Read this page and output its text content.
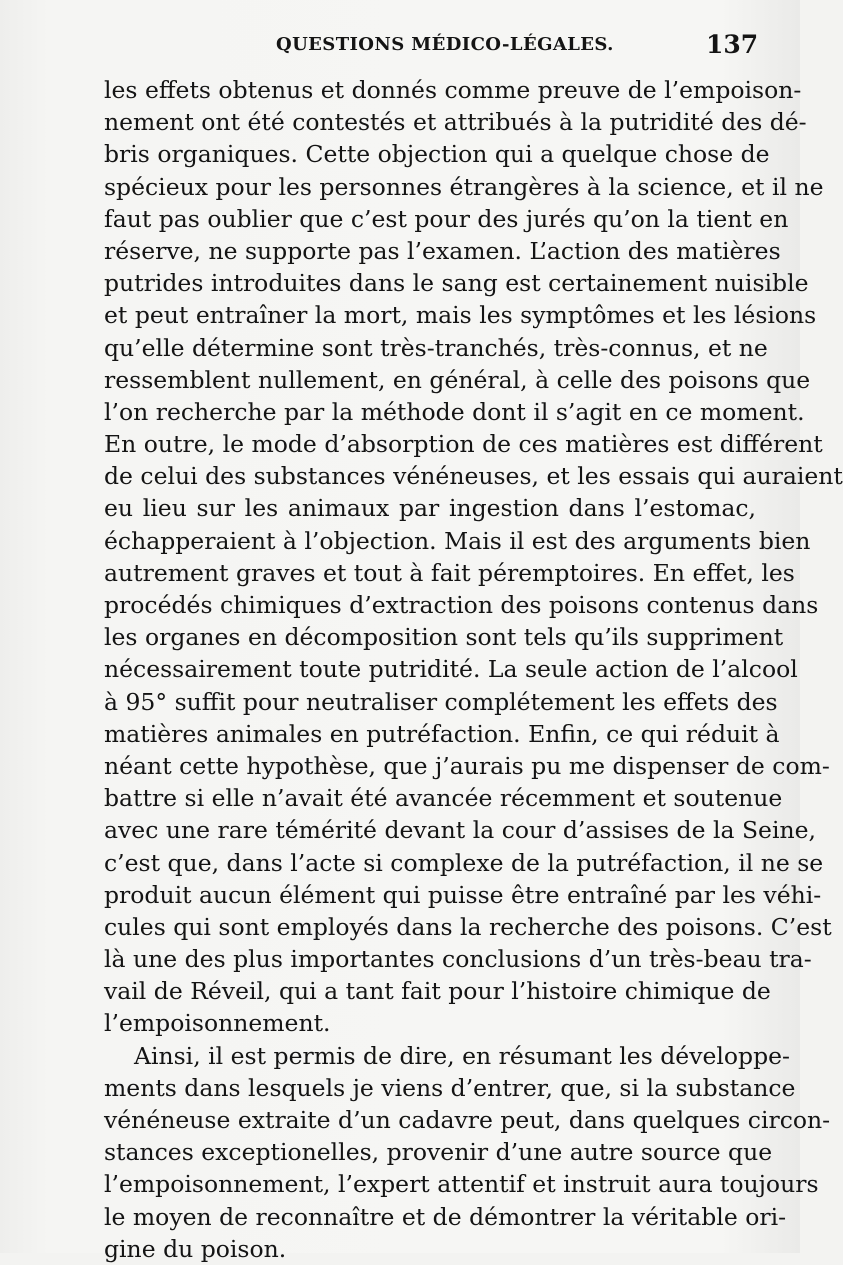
QUESTIONS MÉDICO-LÉGALES.	137
les effets obtenus et donnés comme preuve de l’empoison-
nement ont été contestés et attribués à la putridité des dé-
bris organiques. Cette objection qui a quelque chose de
spécieux pour les personnes étrangères à la science, et il ne
faut pas oublier que c’est pour des jurés qu’on la tient en
réserve, ne supporte pas l’examen. L’action des matières
putrides introduites dans le sang est certainement nuisible
et peut entraîner la mort, mais les symptômes et les lésions
qu’elle détermine sont très-tranchés, très-connus, et ne
ressemblent nullement, en général, à celle des poisons que
l’on recherche par la méthode dont il s’agit en ce moment.
En outre, le mode d’absorption de ces matières est différent
de celui des substances vénéneuses, et les essais qui auraient
eu lieu sur les animaux par ingestion dans l’estomac,
échapperaient à l’objection. Mais il est des arguments bien
autrement graves et tout à fait péremptoires. En effet, les
procédés chimiques d’extraction des poisons contenus dans
les organes en décomposition sont tels qu’ils suppriment
nécessairement toute putridité. La seule action de l’alcool
à 95° suffit pour neutraliser complétement les effets des
matières animales en putréfaction. Enfin, ce qui réduit à
néant cette hypothèse, que j’aurais pu me dispenser de com-
battre si elle n’avait été avancée récemment et soutenue
avec une rare témérité devant la cour d’assises de la Seine,
c’est que, dans l’acte si complexe de la putréfaction, il ne se
produit aucun élément qui puisse être entraîné par les véhi-
cules qui sont employés dans la recherche des poisons. C’est
là une des plus importantes conclusions d’un très-beau tra-
vail de Réveil, qui a tant fait pour l’histoire chimique de
l’empoisonnement.
Ainsi, il est permis de dire, en résumant les développe-
ments dans lesquels je viens d’entrer, que, si la substance
vénéneuse extraite d’un cadavre peut, dans quelques circon-
stances exceptionelles, provenir d’une autre source que
l’empoisonnement, l’expert attentif et instruit aura toujours
le moyen de reconnaître et de démontrer la véritable ori-
gine du poison.
